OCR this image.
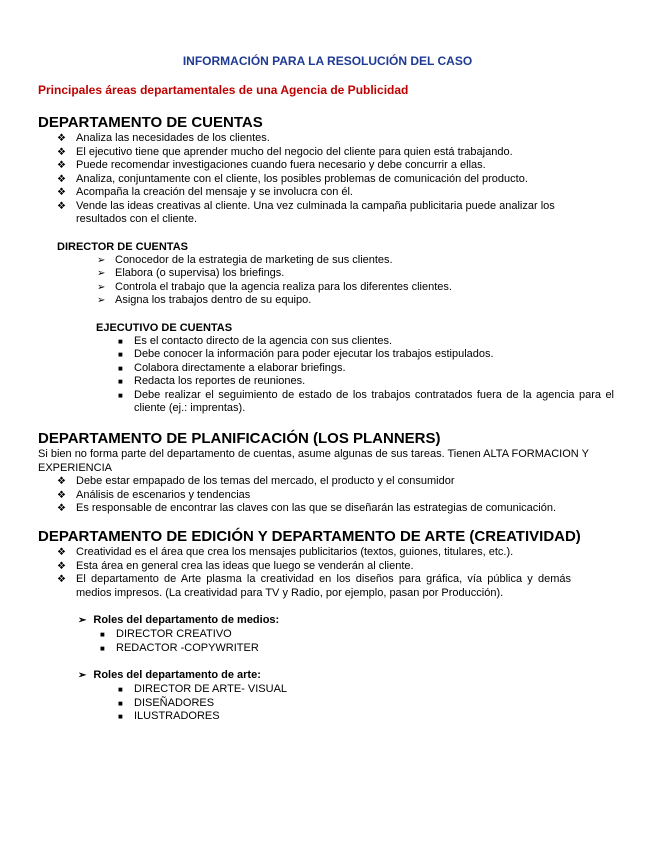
INFORMACIÓN PARA LA RESOLUCIÓN DEL CASO

Principales áreas departamentales de una Agencia de Publicidad

DEPARTAMENTO DE CUENTAS

❖ Analiza las necesidades de los clientes.

❖ El ejecutivo tiene que aprender mucho del negocio del cliente para quien está trabajando.

❖ Puede recomendar investigaciones cuando fuera necesario y debe concurrir a ellas.

❖ Analiza, conjuntamente con el cliente, los posibles problemas de comunicación del producto.

❖ Acompaña la creación del mensaje y se involucra con él.

❖ Vende las ideas creativas al cliente. Una vez culminada la campaña publicitaria puede analizar los resultados con el cliente.

DIRECTOR DE CUENTAS

➢ Conocedor de la estrategia de marketing de sus clientes.

➢ Elabora (o supervisa) los briefings.

➢ Controla el trabajo que la agencia realiza para los diferentes clientes.

➢ Asigna los trabajos dentro de su equipo.

EJECUTIVO DE CUENTAS

■ Es el contacto directo de la agencia con sus clientes.

■ Debe conocer la información para poder ejecutar los trabajos estipulados.

■ Colabora directamente a elaborar briefings.

■ Redacta los reportes de reuniones.

■ Debe realizar el seguimiento de estado de los trabajos contratados fuera de la agencia para el cliente (ej.: imprentas).

DEPARTAMENTO DE PLANIFICACIÓN (LOS PLANNERS)

Si bien no forma parte del departamento de cuentas, asume algunas de sus tareas. Tienen ALTA FORMACION Y EXPERIENCIA

❖ Debe estar empapado de los temas del mercado, el producto y el consumidor

❖ Análisis de escenarios y tendencias

❖ Es responsable de encontrar las claves con las que se diseñarán las estrategias de comunicación.

DEPARTAMENTO DE EDICIÓN Y DEPARTAMENTO DE ARTE (CREATIVIDAD)

❖ Creatividad es el área que crea los mensajes publicitarios (textos, guiones, titulares, etc.).

❖ Esta área en general crea las ideas que luego se venderán al cliente.

❖ El departamento de Arte plasma la creatividad en los diseños para gráfica, vía pública y demás medios impresos. (La creatividad para TV y Radio, por ejemplo, pasan por Producción).

➢ Roles del departamento de medios:

■ DIRECTOR CREATIVO

■ REDACTOR -COPYWRITER

➢ Roles del departamento de arte:

■ DIRECTOR DE ARTE- VISUAL

■ DISEÑADORES

■ ILUSTRADORES
